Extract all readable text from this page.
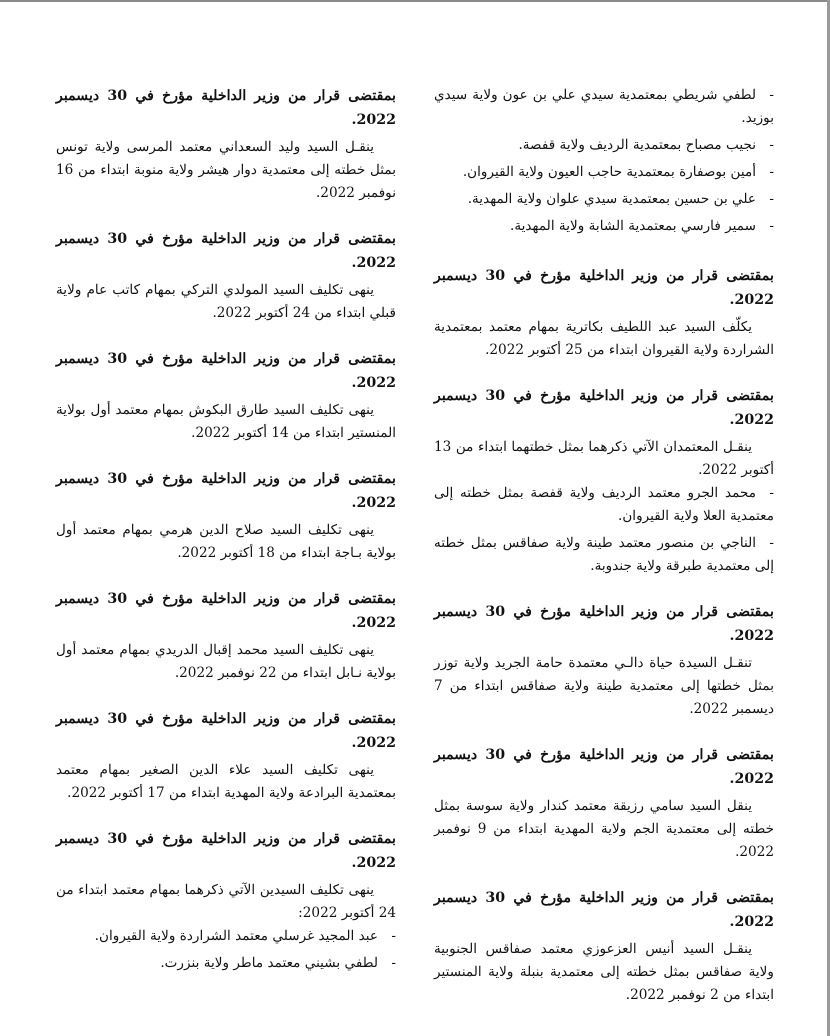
-لطفي شريطي بمعتمدية سيدي علي بن عون ولاية سيدي بوزيد.
-نجيب مصباح بمعتمدية الرديف ولاية قفصة.
-أمين بوصفارة بمعتمدية حاجب العيون ولاية القيروان.
-علي بن حسين بمعتمدية سيدي علوان ولاية المهدية.
-سمير فارسي بمعتمدية الشابة ولاية المهدية.
بمقتضى قرار من وزير الداخلية مؤرخ في 30 ديسمبر 2022.

يكلّف السيد عبد اللطيف بكاترية بمهام معتمد بمعتمدية الشراردة ولاية القيروان ابتداء من 25 أكتوبر 2022.

بمقتضى قرار من وزير الداخلية مؤرخ في 30 ديسمبر 2022.

ينقـل المعتمدان الآتي ذكرهما بمثل خطتهما ابتداء من 13 أكتوبر 2022.

-محمد الجرو معتمد الرديف ولاية قفصة بمثل خطته إلى معتمدية العلا ولاية القيروان.
-الناجي بن منصور معتمد طينة ولاية صفاقس بمثل خطته إلى معتمدية طبرقة ولاية جندوبة.
بمقتضى قرار من وزير الداخلية مؤرخ في 30 ديسمبر 2022.

تنقـل السيدة حياة دالـي معتمدة حامة الجريد ولاية توزر بمثل خطتها إلى معتمدية طينة ولاية صفاقس ابتداء من 7 ديسمبر 2022.

بمقتضى قرار من وزير الداخلية مؤرخ في 30 ديسمبر 2022.

ينقل السيد سامي رزيقة معتمد كندار ولاية سوسة بمثل خطته إلى معتمدية الجم ولاية المهدية ابتداء من 9 نوفمبر 2022.

بمقتضى قرار من وزير الداخلية مؤرخ في 30 ديسمبر 2022.

ينقـل السيد أنيس العزعوزي معتمد صفاقس الجنوبية ولاية صفاقس بمثل خطته إلى معتمدية بنبلة ولاية المنستير ابتداء من 2 نوفمبر 2022.

بمقتضى قرار من وزير الداخلية مؤرخ في 30 ديسمبر 2022.

ينقـل السيد وليد السعداني معتمد المرسى ولاية تونس بمثل خطته إلى معتمدية دوار هيشر ولاية منوبة ابتداء من 16 نوفمبر 2022.

بمقتضى قرار من وزير الداخلية مؤرخ في 30 ديسمبر 2022.

ينهى تكليف السيد المولدي التركي بمهام كاتب عام ولاية قبلي ابتداء من 24 أكتوبر 2022.

بمقتضى قرار من وزير الداخلية مؤرخ في 30 ديسمبر 2022.

ينهى تكليف السيد طارق البكوش بمهام معتمد أول بولاية المنستير ابتداء من 14 أكتوبر 2022.

بمقتضى قرار من وزير الداخلية مؤرخ في 30 ديسمبر 2022.

ينهى تكليف السيد صلاح الدين هرمي بمهام معتمد أول بولاية بـاجة ابتداء من 18 أكتوبر 2022.

بمقتضى قرار من وزير الداخلية مؤرخ في 30 ديسمبر 2022.

ينهى تكليف السيد محمد إقبال الدريدي بمهام معتمد أول بولاية نـابل ابتداء من 22 نوفمبر 2022.

بمقتضى قرار من وزير الداخلية مؤرخ في 30 ديسمبر 2022.

ينهى تكليف السيد علاء الدين الصغير بمهام معتمد بمعتمدية البرادعة ولاية المهدية ابتداء من 17 أكتوبر 2022.

بمقتضى قرار من وزير الداخلية مؤرخ في 30 ديسمبر 2022.

ينهى تكليف السيدين الآتي ذكرهما بمهام معتمد ابتداء من 24 أكتوبر 2022:

-عبد المجيد غرسلي معتمد الشراردة ولاية القيروان.
-لطفي بشيني معتمد ماطر ولاية بنزرت.
